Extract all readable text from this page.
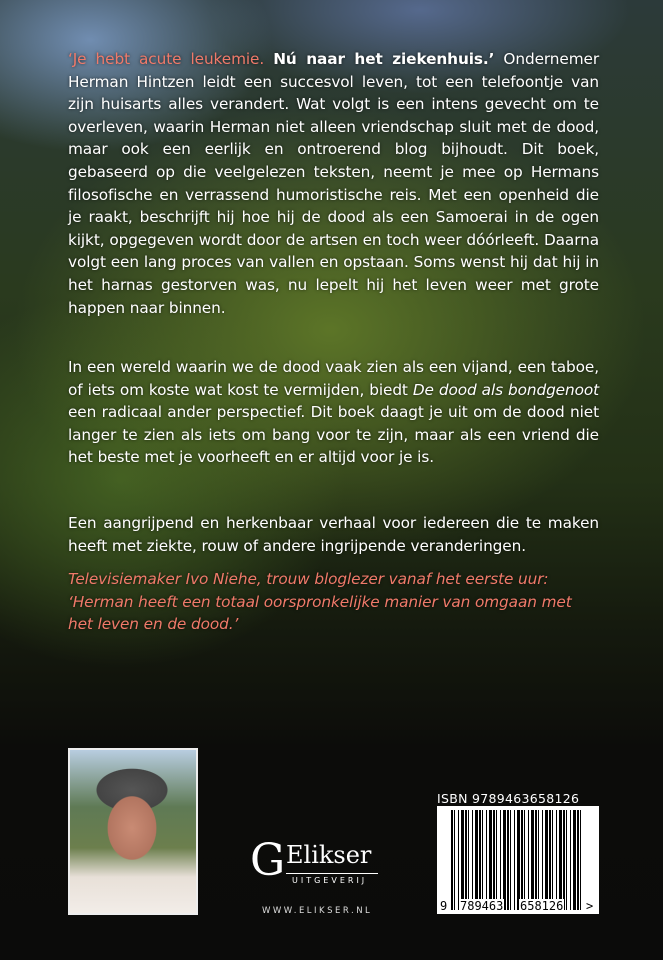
‘Je hebt acute leukemie. Nú naar het ziekenhuis.’ Ondernemer Herman Hintzen leidt een succesvol leven, tot een telefoontje van zijn huisarts alles verandert. Wat volgt is een intens gevecht om te overleven, waarin Herman niet alleen vriendschap sluit met de dood, maar ook een eerlijk en ontroerend blog bijhoudt. Dit boek, gebaseerd op die veelgelezen teksten, neemt je mee op Hermans filosofische en verrassend humoristische reis. Met een openheid die je raakt, beschrijft hij hoe hij de dood als een Samoerai in de ogen kijkt, opgegeven wordt door de artsen en toch weer dóórleeft. Daarna volgt een lang proces van vallen en opstaan. Soms wenst hij dat hij in het harnas gestorven was, nu lepelt hij het leven weer met grote happen naar binnen.
In een wereld waarin we de dood vaak zien als een vijand, een taboe, of iets om koste wat kost te vermijden, biedt De dood als bondgenoot een radicaal ander perspectief. Dit boek daagt je uit om de dood niet langer te zien als iets om bang voor te zijn, maar als een vriend die het beste met je voorheeft en er altijd voor je is.
Een aangrijpend en herkenbaar verhaal voor iedereen die te maken heeft met ziekte, rouw of andere ingrijpende veranderingen.
Televisiemaker Ivo Niehe, trouw bloglezer vanaf het eerste uur:
‘Herman heeft een totaal oorspronkelijke manier van omgaan met het leven en de dood.’
G Elikser
UITGEVERIJ
WWW.ELIKSER.NL
ISBN 9789463658126
9 789463 658126 >
